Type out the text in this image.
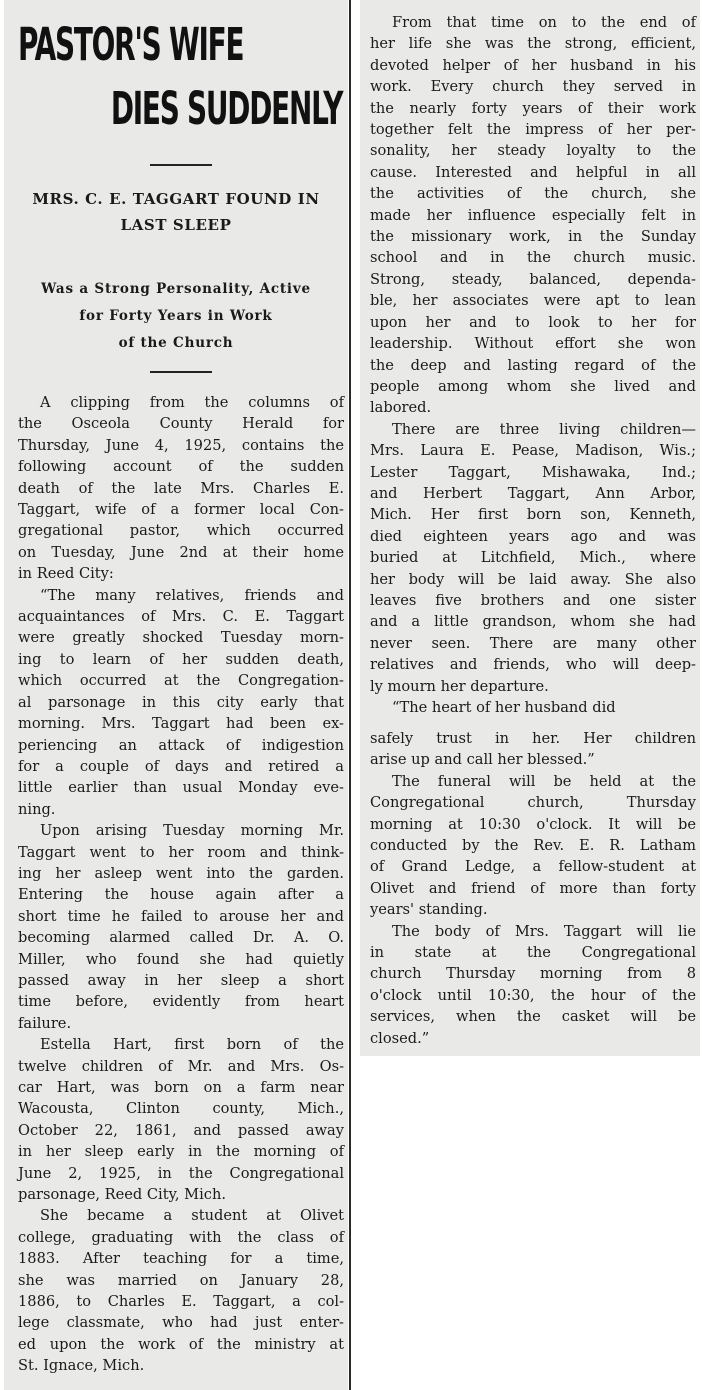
PASTOR'S WIFE
DIES SUDDENLY
MRS. C. E. TAGGART FOUND IN
LAST SLEEP
Was a Strong Personality, Active
for Forty Years in Work
of the Church

A clipping from the columns of
the Osceola County Herald for
Thursday, June 4, 1925, contains the
following account of the sudden
death of the late Mrs. Charles E.
Taggart, wife of a former local Con-
gregational pastor, which occurred
on Tuesday, June 2nd at their home
in Reed City:

“The many relatives, friends and
acquaintances of Mrs. C. E. Taggart
were greatly shocked Tuesday morn-
ing to learn of her sudden death,
which occurred at the Congregation-
al parsonage in this city early that
morning. Mrs. Taggart had been ex-
periencing an attack of indigestion
for a couple of days and retired a
little earlier than usual Monday eve-
ning.

Upon arising Tuesday morning Mr.
Taggart went to her room and think-
ing her asleep went into the garden.
Entering the house again after a
short time he failed to arouse her and
becoming alarmed called Dr. A. O.
Miller, who found she had quietly
passed away in her sleep a short
time before, evidently from heart
failure.

Estella Hart, first born of the
twelve children of Mr. and Mrs. Os-
car Hart, was born on a farm near
Wacousta, Clinton county, Mich.,
October 22, 1861, and passed away
in her sleep early in the morning of
June 2, 1925, in the Congregational
parsonage, Reed City, Mich.

She became a student at Olivet
college, graduating with the class of
1883. After teaching for a time,
she was married on January 28,
1886, to Charles E. Taggart, a col-
lege classmate, who had just enter-
ed upon the work of the ministry at
St. Ignace, Mich.

From that time on to the end of
her life she was the strong, efficient,
devoted helper of her husband in his
work. Every church they served in
the nearly forty years of their work
together felt the impress of her per-
sonality, her steady loyalty to the
cause. Interested and helpful in all
the activities of the church, she
made her influence especially felt in
the missionary work, in the Sunday
school and in the church music.
Strong, steady, balanced, dependa-
ble, her associates were apt to lean
upon her and to look to her for
leadership. Without effort she won
the deep and lasting regard of the
people among whom she lived and
labored.

There are three living children—
Mrs. Laura E. Pease, Madison, Wis.;
Lester Taggart, Mishawaka, Ind.;
and Herbert Taggart, Ann Arbor,
Mich. Her first born son, Kenneth,
died eighteen years ago and was
buried at Litchfield, Mich., where
her body will be laid away. She also
leaves five brothers and one sister
and a little grandson, whom she had
never seen. There are many other
relatives and friends, who will deep-
ly mourn her departure.

“The heart of her husband did

safely trust in her. Her children
arise up and call her blessed.”

The funeral will be held at the
Congregational church, Thursday
morning at 10:30 o'clock. It will be
conducted by the Rev. E. R. Latham
of Grand Ledge, a fellow-student at
Olivet and friend of more than forty
years' standing.

The body of Mrs. Taggart will lie
in state at the Congregational
church Thursday morning from 8
o'clock until 10:30, the hour of the
services, when the casket will be
closed.”
